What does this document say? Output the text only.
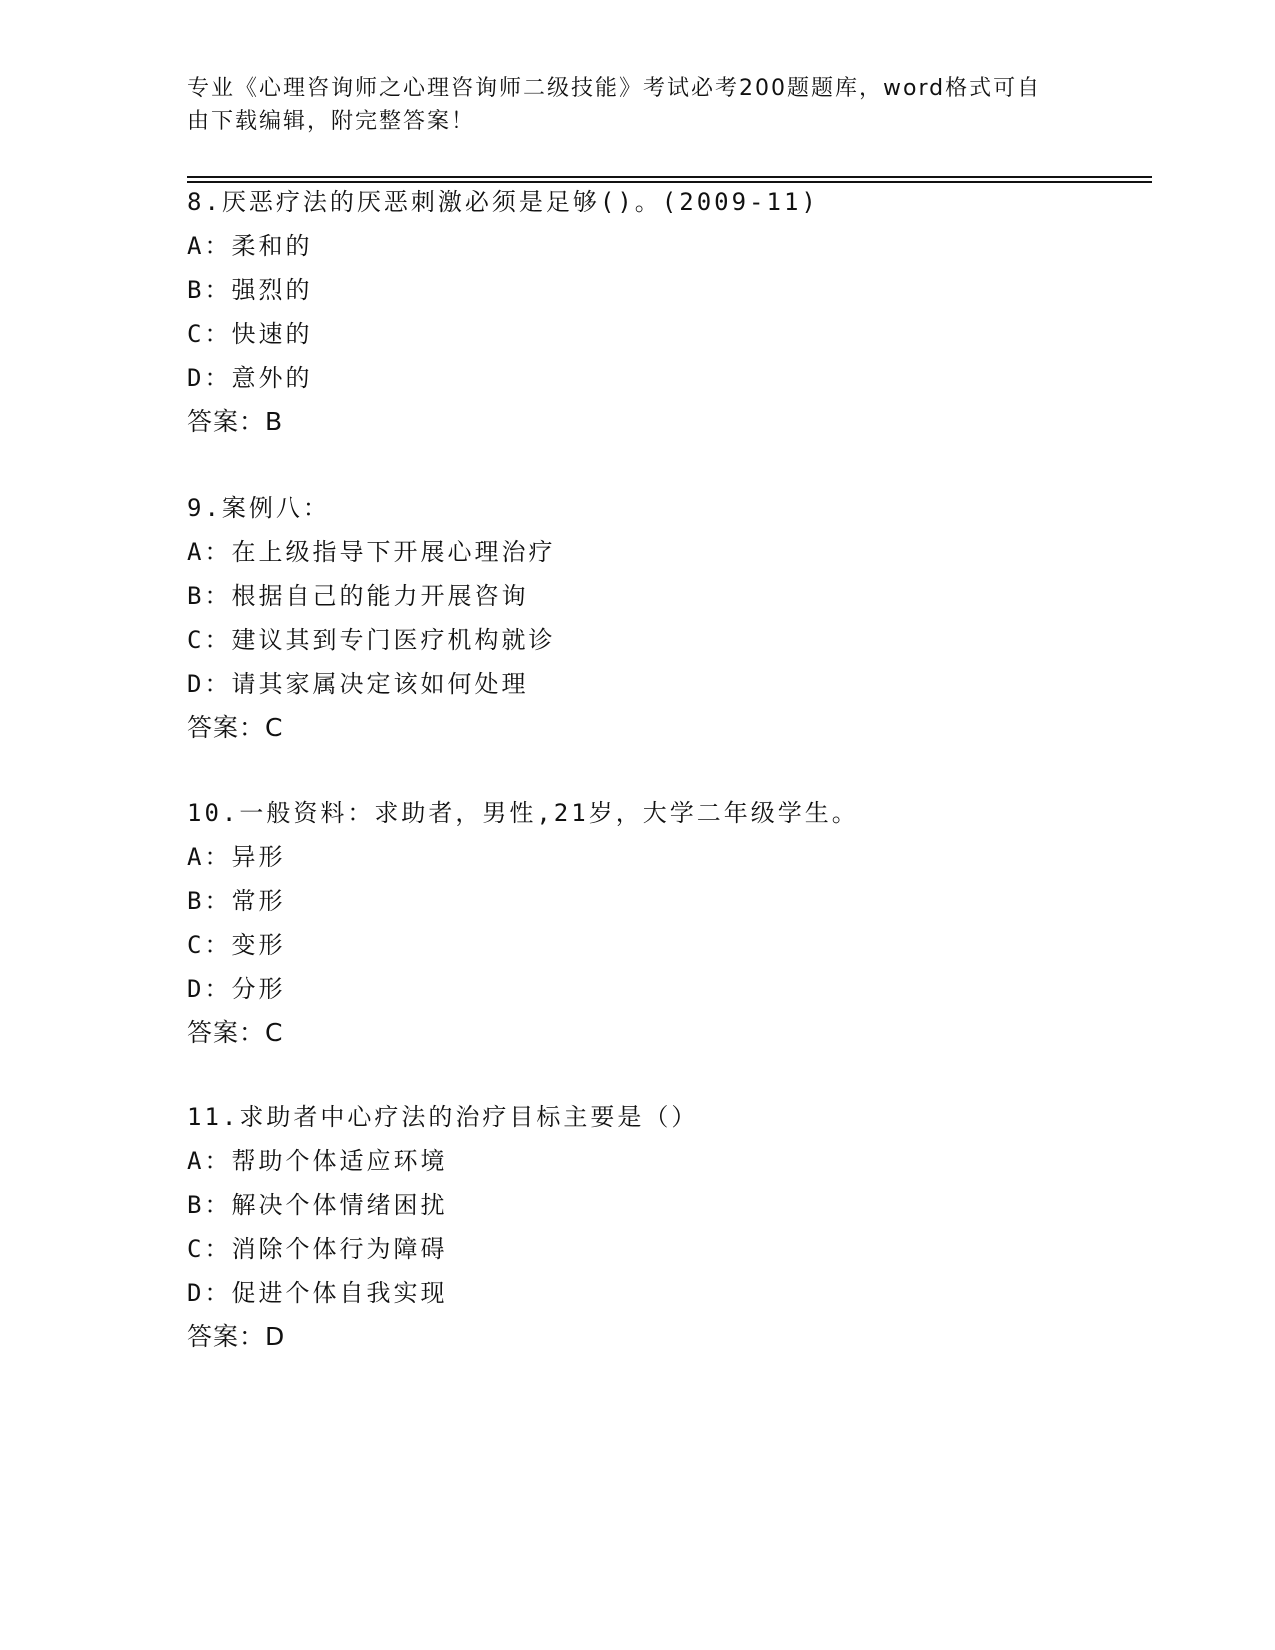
专业《心理咨询师之心理咨询师二级技能》考试必考200题题库，word格式可自
由下载编辑，附完整答案！
8.厌恶疗法的厌恶刺激必须是足够()。(2009-11)
A：柔和的
B：强烈的
C：快速的
D：意外的
答案：B
9.案例八：
A：在上级指导下开展心理治疗
B：根据自己的能力开展咨询
C：建议其到专门医疗机构就诊
D：请其家属决定该如何处理
答案：C
10.一般资料：求助者，男性,21岁，大学二年级学生。
A：异形
B：常形
C：变形
D：分形
答案：C
11.求助者中心疗法的治疗目标主要是（）
A：帮助个体适应环境
B：解决个体情绪困扰
C：消除个体行为障碍
D：促进个体自我实现
答案：D
